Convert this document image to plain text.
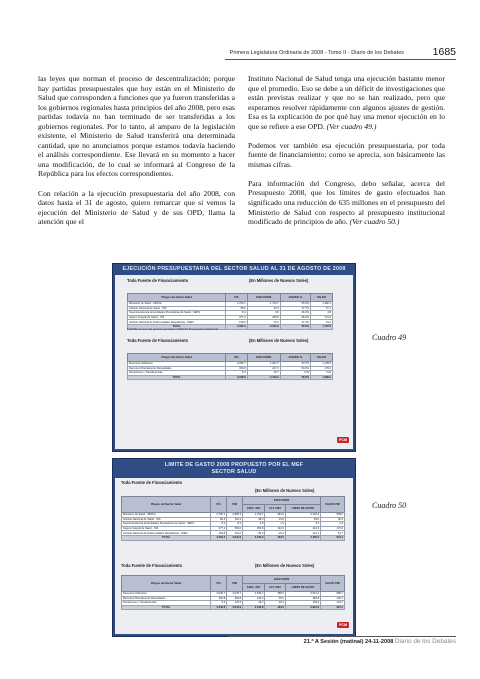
Primera Legislatura Ordinaria de 2008 - Tomo II - Diario de los Debates	1685

las leyes que norman el proceso de descentralización; porque hay partidas presupuestales que hoy están en el Ministerio de Salud que corresponden a funciones que ya fueron transferidas a los gobiernos regionales hasta principios del año 2008, pero esas partidas todavía no han terminado de ser transferidas a los gobiernos regionales. Por lo tanto, al amparo de la legislación existente, el Ministerio de Salud transferirá una determinada cantidad, que no anunciamos porque estamos todavía haciendo el análisis correspondiente. Ese llevará en su momento a hacer una modificación, de lo cual se informará al Congreso de la República para los efectos correspondientes.

Con relación a la ejecución presupuestaria del año 2008, con datos hasta el 31 de agosto, quiero remarcar que si vemos la ejecución del Ministerio de Salud y de sus OPD, llama la atención que el

Instituto Nacional de Salud tenga una ejecución bastante menor que el promedio. Eso se debe a un déficit de investigaciones que están previstas realizar y que no se han realizado, pero que esperamos resolver rápidamente con algunos ajustes de gestión. Esa es la explicación de por qué hay una menor ejecución en lo que se refiere a ese OPD. (Ver cuadro 49.)

Podemos ver también esa ejecución presupuestaria, por toda fuente de financiamiento; como se aprecia, son básicamente las mismas cifras.

Para información del Congreso, debo señalar, acerca del Presupuesto 2008, que los límites de gasto efectuados han significado una reducción de 635 millones en el presupuesto del Ministerio de Salud con respecto al presupuesto institucional modificado de principios de año. (Ver cuadro 50.)

EJECUCIÓN PRESUPUESTARIA DEL SECTOR SALUD AL 31 DE AGOSTO DE 2008
Toda Fuente de Financiamiento	(En Millones de Nuevos Soles)
Pliegos del Sector Salud	PIA	EJECUCIÓN	AVANCE %	SALDO
Ministerio de Salud - MINSA	2,760.1	1,794.7	65.0%	1,382.1
Instituto Nacional de Salud - INS	86.5	33.3	37.7%	57.1
Superintendencia de Entidades Prestadoras de Salud - SEPS	8.4	3.8	46.2%	4.8
Seguro Integral de Salud - SIS	377.2	256.8	68.0%	172.6
Instituto Nacional de Enfermedades Neoplásicas - INEN	159.8	75.4	47.2%	91.4
TOTAL	3,392.0	2,163.9	58.0%	1,707.8
El MINSA al cierre del ejercicio ejecutará el 100% del Presupuesto Institucional.
Toda Fuente de Financiamiento	(En Millones de Nuevos Soles)
Pliegos del Sector Salud	PIA	EJECUCIÓN	AVANCE %	SALDO
Recursos Ordinarios	3,036.7	1,927.0	63.7%	1,109.6
Recursos Directamente Recaudados	306.8	217.3	54.6%	176.4
Donaciones y Transferencias	5.3	19.7	N.R	N.R
TOTAL	3,348.8	2,163.9	58.0%	1,286.0
PCM
Cuadro 49
LIMITE DE GASTO 2008 PROPUESTO POR EL MEF
SECTOR SALUD
Toda Fuente de Financiamiento
(En Millones de Nuevos Soles)
Pliegos del Sector Salud	PIA	PIM	EJECUCIÓN			SALDO PIM
			EJEC. SET	ULT. CMA	LIMITE DE GASTO	
Ministerio de Salud - MINSA	2,760.1	2,880.3	1,794.7	284.6	2,162.3	658.0
Instituto Nacional de Salud - INS	86.5	102.2	48.3	10.8	83.0	40.4
Superintendencia de Entidades Prestadoras de Salud - SEPS	8.4	8.4	3.8	1.3	6.3	2.4
Seguro Integral de Salud - SIS	377.2	503.0	256.8	122.0	416.3	172.6
Instituto Nacional de Enfermedades Neoplásicas - INEN	159.8	151.0	80.3	15.3	112.7	51.7
TOTAL	3,392.0	3,644.9	2,183.9	433.0	2,780.6	924.1
Toda Fuente de Financiamiento	(En Millones de Nuevos Soles)
Pliegos del Sector Salud	PIA	PIM	EJECUCIÓN			SALDO PIM
			EJEC. SET	ULT. CMA	LIMITE DE GASTO	
Recursos Ordinarios	3,036.7	3,075.7	1,936.7	358.6	2,541.2	658.7
Recursos Directamente Recaudados	306.8	392.8	210.4	48.1	282.8	130.7
Donaciones y Transferencias	5.3	176.4	19.7	28.2	100.3	134.7
TOTAL	3,348.8	3,644.9	2,166.8	433.0	2,924.3	924.1
PCM
Cuadro 50
21.ª A Sesión (matinal) 24-11-2008 Diario de los Debates
